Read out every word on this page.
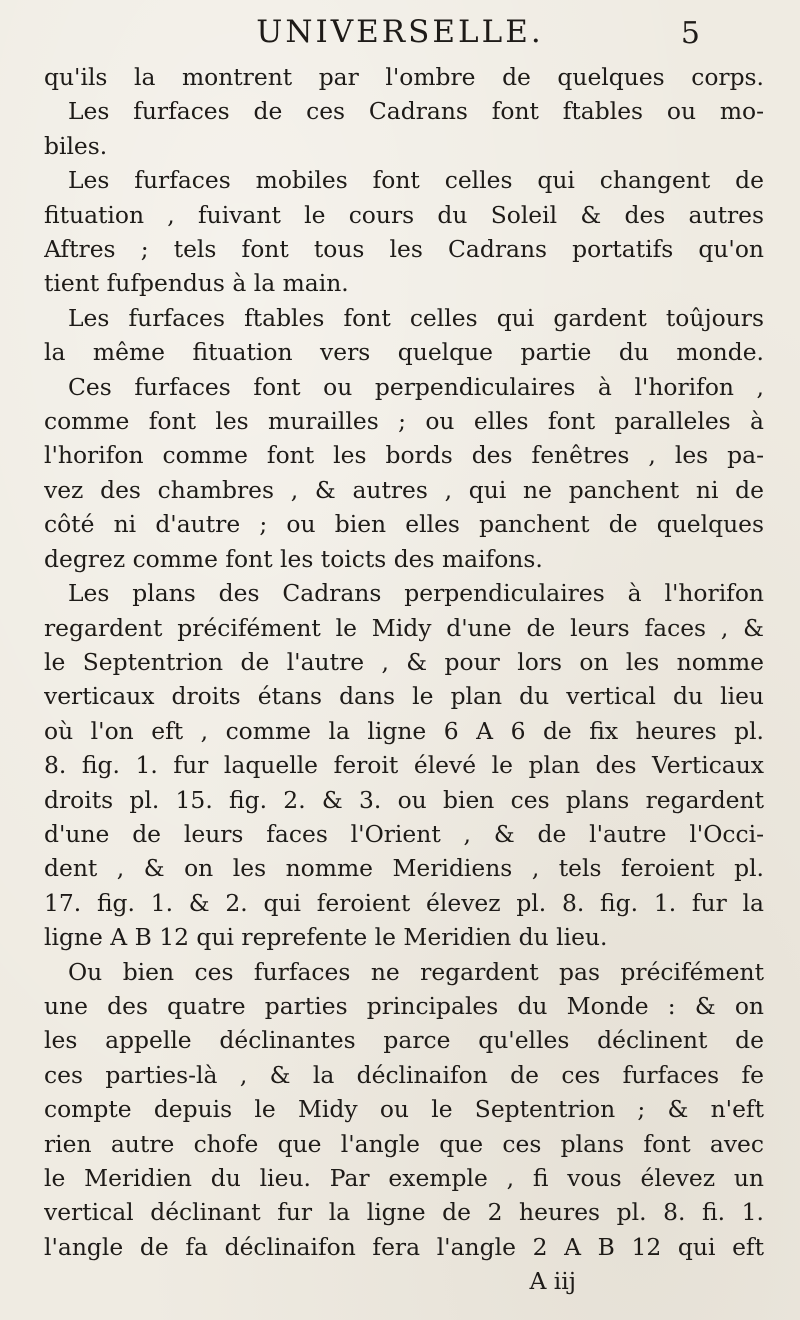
UNIVERSELLE.	5
qu'ils la montrent par l'ombre de quelques corps.
Les furfaces de ces Cadrans font ftables ou mo-
biles.
Les furfaces mobiles font celles qui changent de
fituation , fuivant le cours du Soleil & des autres
Aftres ; tels font tous les Cadrans portatifs qu'on
tient fufpendus à la main.
Les furfaces ftables font celles qui gardent toûjours
la même fituation vers quelque partie du monde.
Ces furfaces font ou perpendiculaires à l'horifon ,
comme font les murailles ; ou elles font paralleles à
l'horifon comme font les bords des fenêtres , les pa-
vez des chambres , & autres , qui ne panchent ni de
côté ni d'autre ; ou bien elles panchent de quelques
degrez comme font les toicts des maifons.
Les plans des Cadrans perpendiculaires à l'horifon
regardent précifément le Midy d'une de leurs faces , &
le Septentrion de l'autre , & pour lors on les nomme
verticaux droits étans dans le plan du vertical du lieu
où l'on eft , comme la ligne 6 A 6 de fix heures pl.
8. fig. 1. fur laquelle feroit élevé le plan des Verticaux
droits pl. 15. fig. 2. & 3. ou bien ces plans regardent
d'une de leurs faces l'Orient , & de l'autre l'Occi-
dent , & on les nomme Meridiens , tels feroient pl.
17. fig. 1. & 2. qui feroient élevez pl. 8. fig. 1. fur la
ligne A B 12 qui reprefente le Meridien du lieu.
Ou bien ces furfaces ne regardent pas précifément
une des quatre parties principales du Monde : & on
les appelle déclinantes parce qu'elles déclinent de
ces parties-là , & la déclinaifon de ces furfaces fe
compte depuis le Midy ou le Septentrion ; & n'eft
rien autre chofe que l'angle que ces plans font avec
le Meridien du lieu. Par exemple , fi vous élevez un
vertical déclinant fur la ligne de 2 heures pl. 8. fi. 1.
l'angle de fa déclinaifon fera l'angle 2 A B 12 qui eft
A iij
